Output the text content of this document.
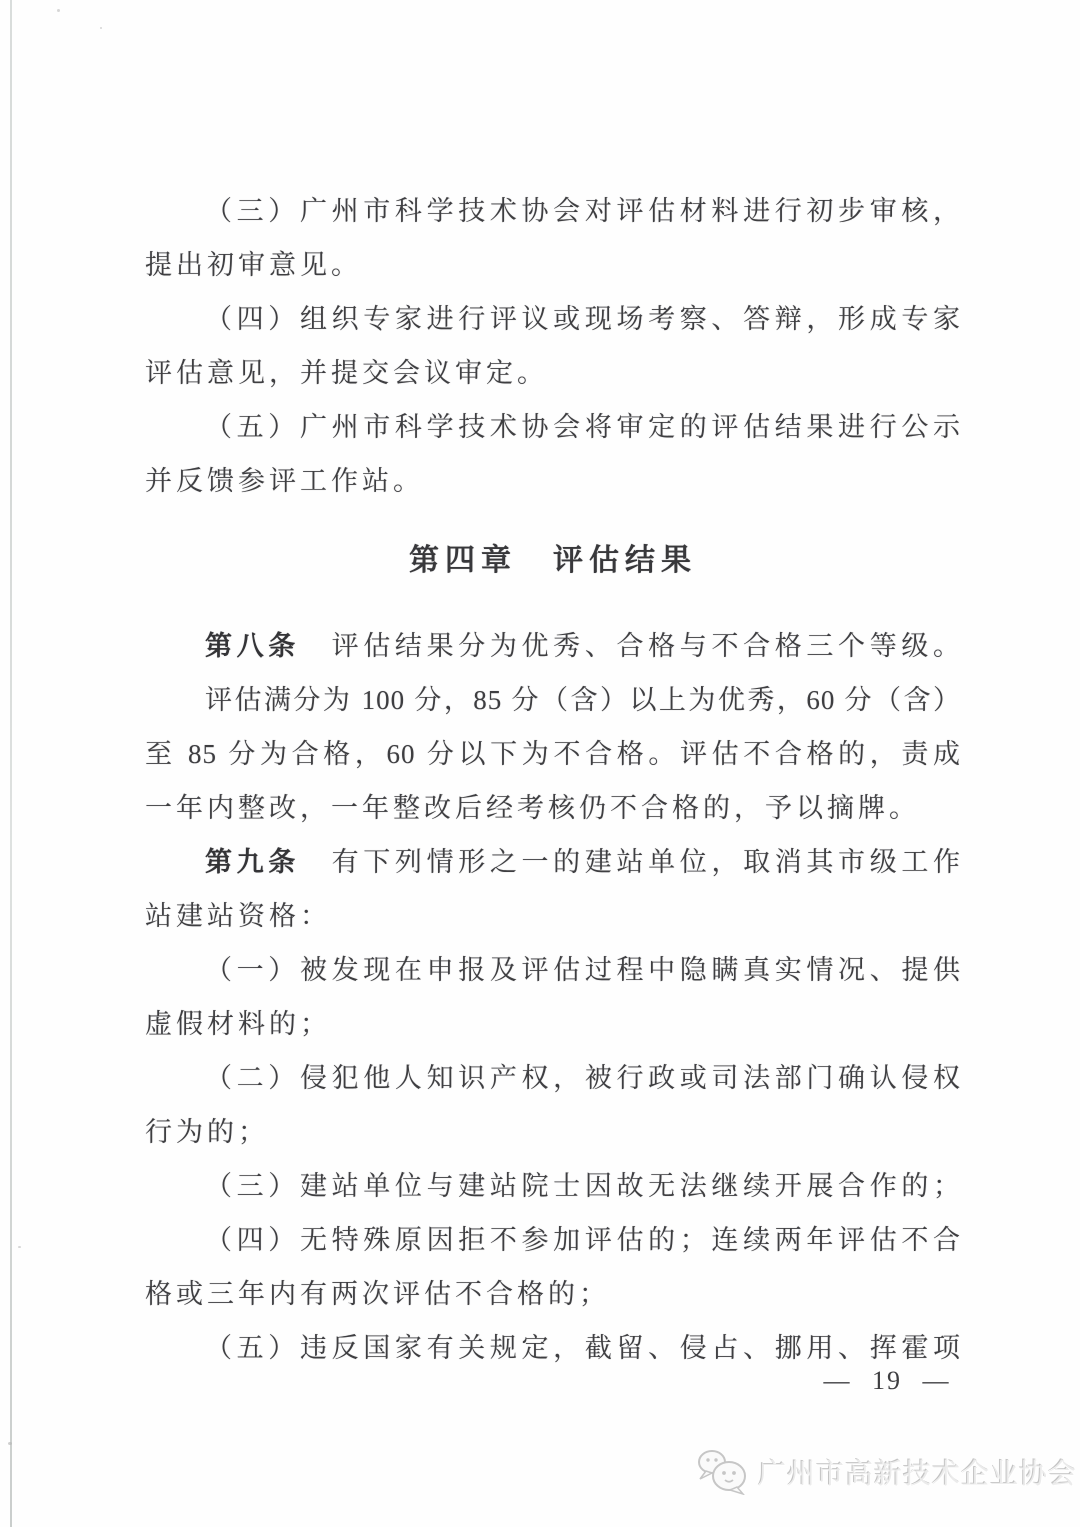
（三）广州市科学技术协会对评估材料进行初步审核，
提出初审意见。
（四）组织专家进行评议或现场考察、答辩，形成专家
评估意见，并提交会议审定。
（五）广州市科学技术协会将审定的评估结果进行公示
并反馈参评工作站。
第四章　评估结果
第八条　评估结果分为优秀、合格与不合格三个等级。
评估满分为 100 分，85 分（含）以上为优秀，60 分（含）
至 85 分为合格，60 分以下为不合格。评估不合格的，责成
一年内整改，一年整改后经考核仍不合格的，予以摘牌。
第九条　有下列情形之一的建站单位，取消其市级工作
站建站资格：
（一）被发现在申报及评估过程中隐瞒真实情况、提供
虚假材料的；
（二）侵犯他人知识产权，被行政或司法部门确认侵权
行为的；
（三）建站单位与建站院士因故无法继续开展合作的；
（四）无特殊原因拒不参加评估的；连续两年评估不合
格或三年内有两次评估不合格的；
（五）违反国家有关规定，截留、侵占、挪用、挥霍项
— 19 —
广州市高新技术企业协会
